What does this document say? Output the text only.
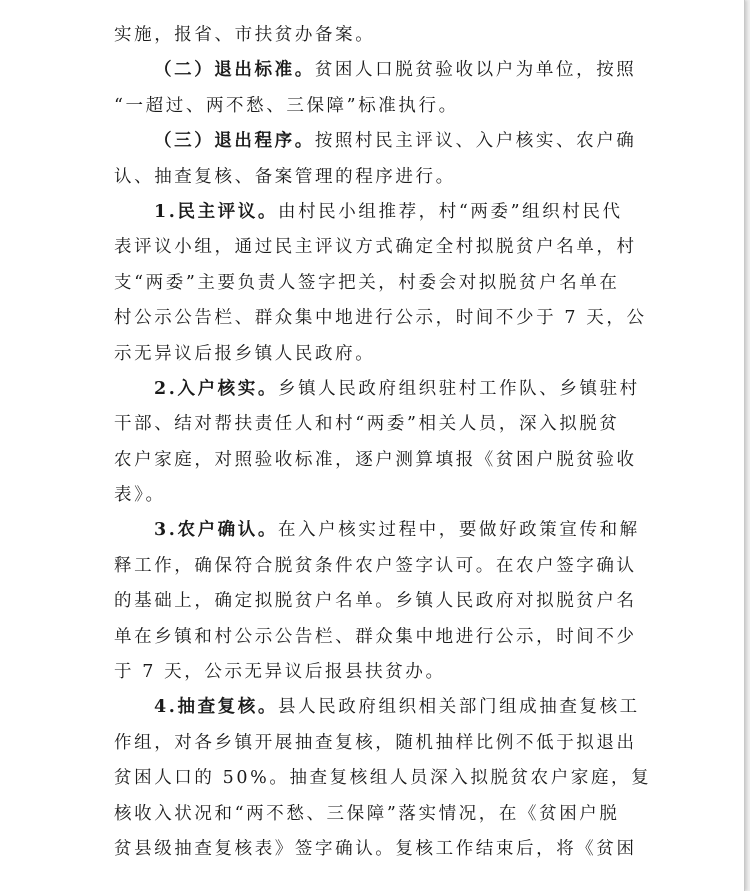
实施，报省、市扶贫办备案。
（二）退出标准。贫困人口脱贫验收以户为单位，按照
“一超过、两不愁、三保障”标准执行。
（三）退出程序。按照村民主评议、入户核实、农户确
认、抽查复核、备案管理的程序进行。
1.民主评议。由村民小组推荐，村“两委”组织村民代
表评议小组，通过民主评议方式确定全村拟脱贫户名单，村
支“两委”主要负责人签字把关，村委会对拟脱贫户名单在
村公示公告栏、群众集中地进行公示，时间不少于 7 天，公
示无异议后报乡镇人民政府。
2.入户核实。乡镇人民政府组织驻村工作队、乡镇驻村
干部、结对帮扶责任人和村“两委”相关人员，深入拟脱贫
农户家庭，对照验收标准，逐户测算填报《贫困户脱贫验收
表》。
3.农户确认。在入户核实过程中，要做好政策宣传和解
释工作，确保符合脱贫条件农户签字认可。在农户签字确认
的基础上，确定拟脱贫户名单。乡镇人民政府对拟脱贫户名
单在乡镇和村公示公告栏、群众集中地进行公示，时间不少
于 7 天，公示无异议后报县扶贫办。
4.抽查复核。县人民政府组织相关部门组成抽查复核工
作组，对各乡镇开展抽查复核，随机抽样比例不低于拟退出
贫困人口的 50%。抽查复核组人员深入拟脱贫农户家庭，复
核收入状况和“两不愁、三保障”落实情况，在《贫困户脱
贫县级抽查复核表》签字确认。复核工作结束后，将《贫困
